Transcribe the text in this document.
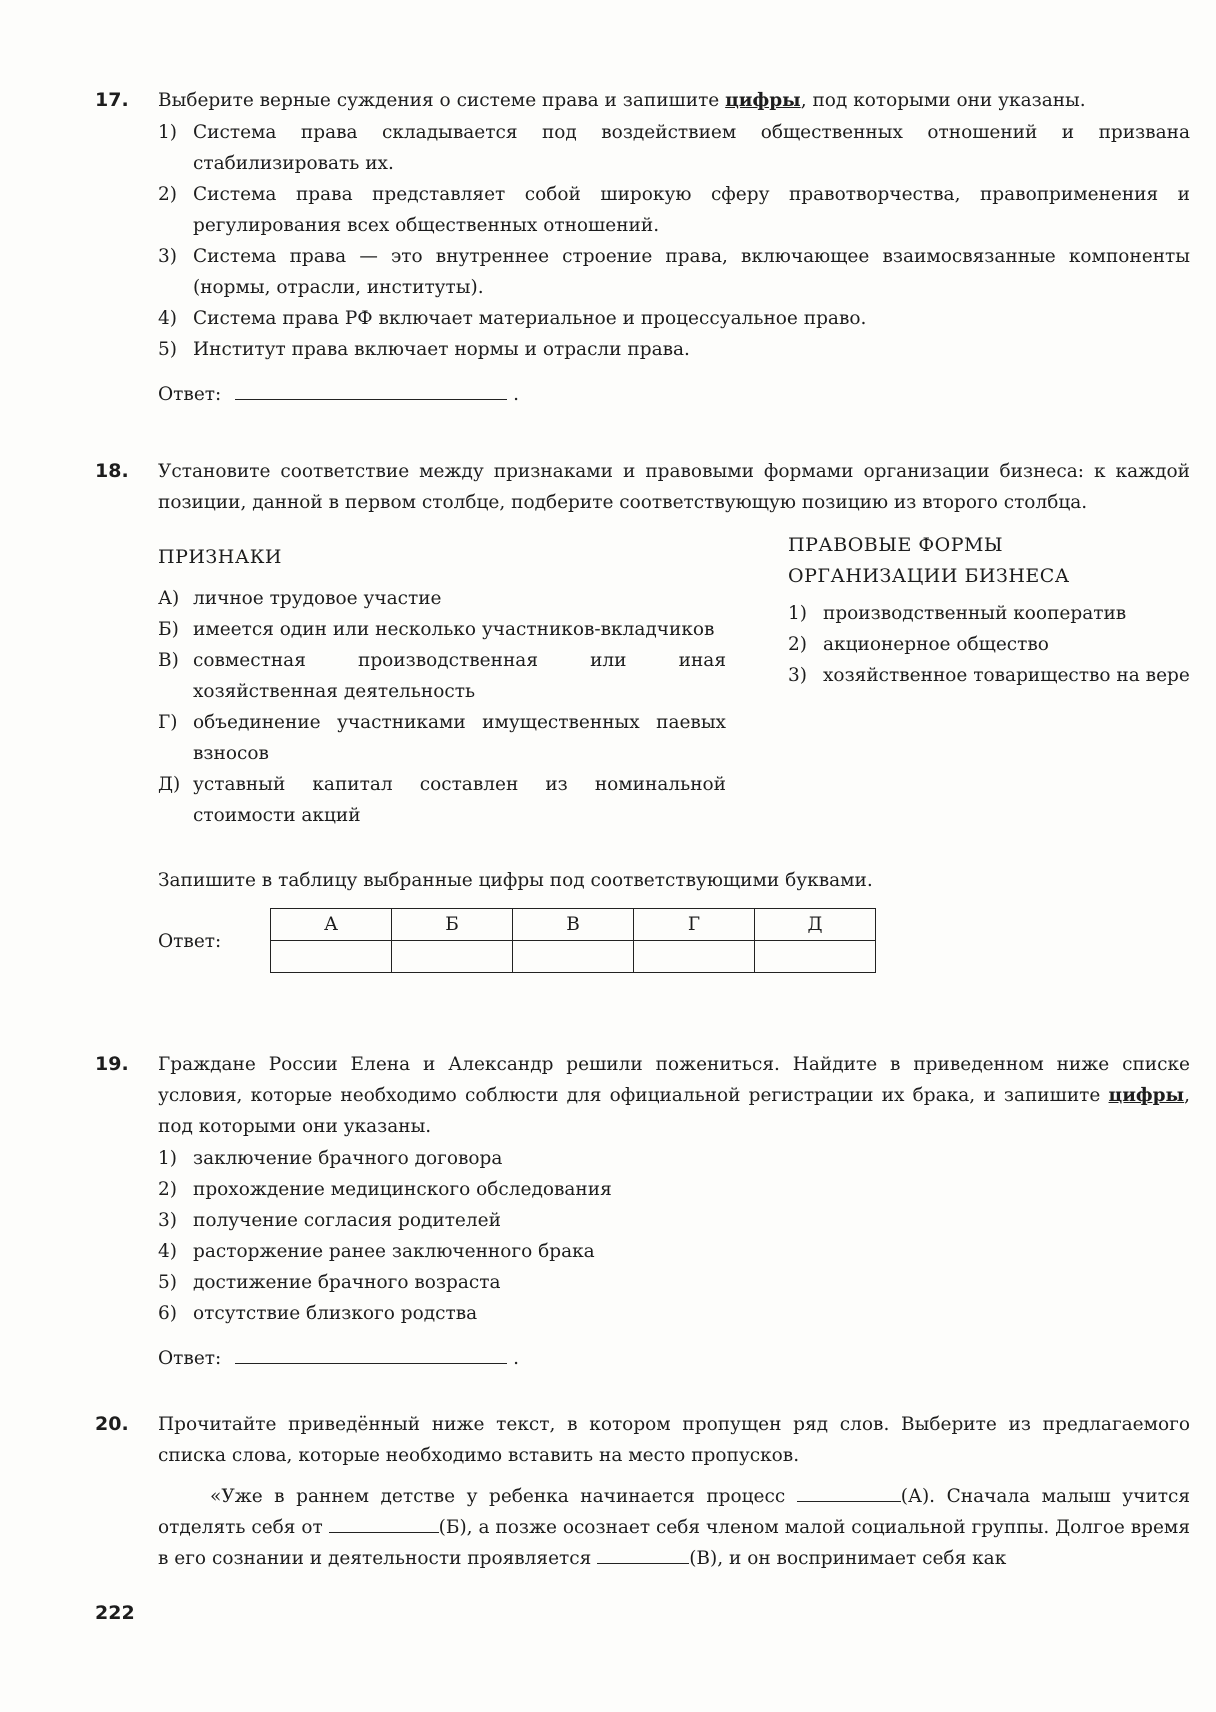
17. Выберите верные суждения о системе права и запишите цифры, под которыми они указаны.

1) Система права складывается под воздействием общественных отношений и призвана стабилизировать их.
2) Система права представляет собой широкую сферу правотворчества, правоприменения и регулирования всех общественных отношений.
3) Система права — это внутреннее строение права, включающее взаимосвязанные компоненты (нормы, отрасли, институты).
4) Система права РФ включает материальное и процессуальное право.
5) Институт права включает нормы и отрасли права.
Ответ:	.
18. Установите соответствие между признаками и правовыми формами организации бизнеса: к каждой позиции, данной в первом столбце, подберите соответствующую позицию из второго столбца.

ПРИЗНАКИ
А) личное трудовое участие
Б) имеется один или несколько участников-вкладчиков
В) совместная производственная или иная хозяйственная деятельность
Г) объединение участниками имущественных паевых взносов
Д) уставный капитал составлен из номинальной стоимости акций
ПРАВОВЫЕ ФОРМЫ
ОРГАНИЗАЦИИ БИЗНЕСА
1) производственный кооператив
2) акционерное общество
3) хозяйственное товарищество на вере

Запишите в таблицу выбранные цифры под соответствующими буквами.

Ответ:
А	Б	В	Г	Д

19. Граждане России Елена и Александр решили пожениться. Найдите в приведенном ниже списке условия, которые необходимо соблюсти для официальной регистрации их брака, и запишите цифры, под которыми они указаны.

1) заключение брачного договора
2) прохождение медицинского обследования
3) получение согласия родителей
4) расторжение ранее заключенного брака
5) достижение брачного возраста
6) отсутствие близкого родства
Ответ:	.
20. Прочитайте приведённый ниже текст, в котором пропущен ряд слов. Выберите из предлагаемого списка слова, которые необходимо вставить на место пропусков.

«Уже в раннем детстве у ребенка начинается процесс	(А). Сначала малыш учится отделять себя от	(Б), а позже осознает себя членом малой социальной группы. Долгое время в его сознании и деятельности проявляется	(В), и он воспринимает себя как

222
